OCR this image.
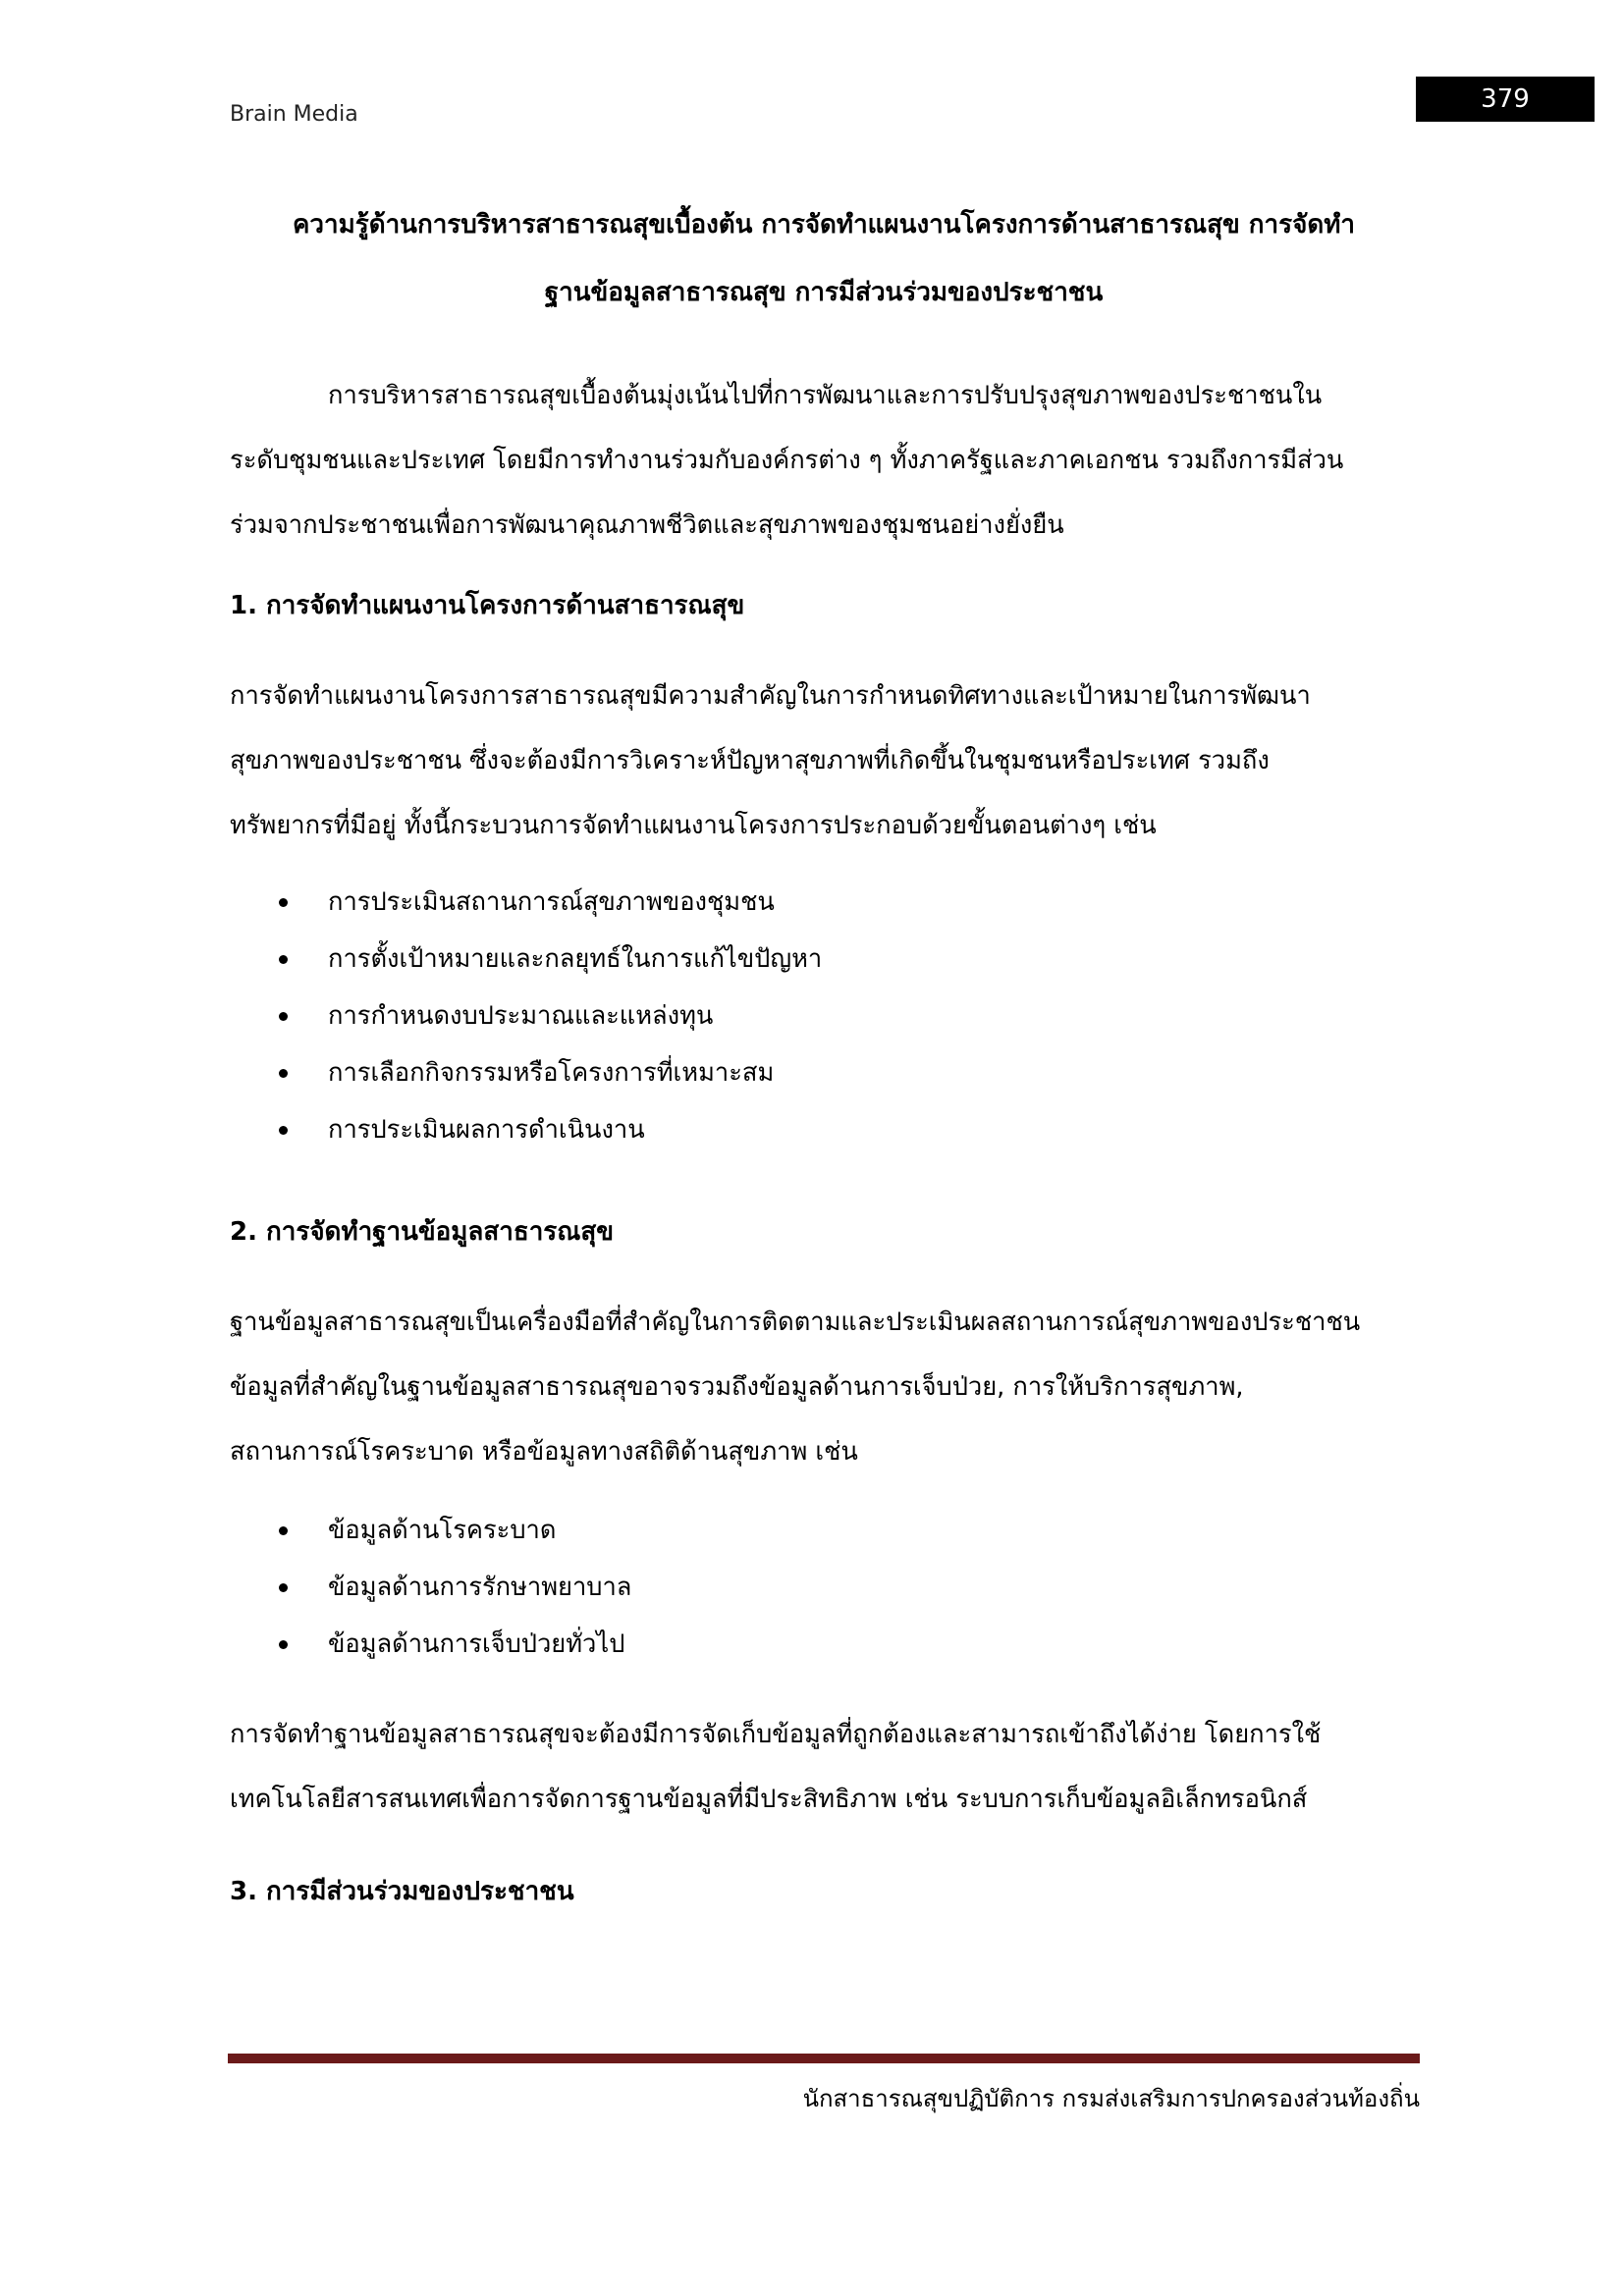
Brain Media
379
ความรู้ด้านการบริหารสาธารณสุขเบื้องต้น การจัดทำแผนงานโครงการด้านสาธารณสุข การจัดทำ
ฐานข้อมูลสาธารณสุข การมีส่วนร่วมของประชาชน
การบริหารสาธารณสุขเบื้องต้นมุ่งเน้นไปที่การพัฒนาและการปรับปรุงสุขภาพของประชาชนใน
ระดับชุมชนและประเทศ โดยมีการทำงานร่วมกับองค์กรต่าง ๆ ทั้งภาครัฐและภาคเอกชน รวมถึงการมีส่วน
ร่วมจากประชาชนเพื่อการพัฒนาคุณภาพชีวิตและสุขภาพของชุมชนอย่างยั่งยืน
1. การจัดทำแผนงานโครงการด้านสาธารณสุข
การจัดทำแผนงานโครงการสาธารณสุขมีความสำคัญในการกำหนดทิศทางและเป้าหมายในการพัฒนา
สุขภาพของประชาชน ซึ่งจะต้องมีการวิเคราะห์ปัญหาสุขภาพที่เกิดขึ้นในชุมชนหรือประเทศ รวมถึง
ทรัพยากรที่มีอยู่ ทั้งนี้กระบวนการจัดทำแผนงานโครงการประกอบด้วยขั้นตอนต่างๆ เช่น
การประเมินสถานการณ์สุขภาพของชุมชน
การตั้งเป้าหมายและกลยุทธ์ในการแก้ไขปัญหา
การกำหนดงบประมาณและแหล่งทุน
การเลือกกิจกรรมหรือโครงการที่เหมาะสม
การประเมินผลการดำเนินงาน
2. การจัดทำฐานข้อมูลสาธารณสุข
ฐานข้อมูลสาธารณสุขเป็นเครื่องมือที่สำคัญในการติดตามและประเมินผลสถานการณ์สุขภาพของประชาชน
ข้อมูลที่สำคัญในฐานข้อมูลสาธารณสุขอาจรวมถึงข้อมูลด้านการเจ็บป่วย, การให้บริการสุขภาพ,
สถานการณ์โรคระบาด หรือข้อมูลทางสถิติด้านสุขภาพ เช่น
ข้อมูลด้านโรคระบาด
ข้อมูลด้านการรักษาพยาบาล
ข้อมูลด้านการเจ็บป่วยทั่วไป
การจัดทำฐานข้อมูลสาธารณสุขจะต้องมีการจัดเก็บข้อมูลที่ถูกต้องและสามารถเข้าถึงได้ง่าย โดยการใช้
เทคโนโลยีสารสนเทศเพื่อการจัดการฐานข้อมูลที่มีประสิทธิภาพ เช่น ระบบการเก็บข้อมูลอิเล็กทรอนิกส์
3. การมีส่วนร่วมของประชาชน
นักสาธารณสุขปฏิบัติการ กรมส่งเสริมการปกครองส่วนท้องถิ่น
